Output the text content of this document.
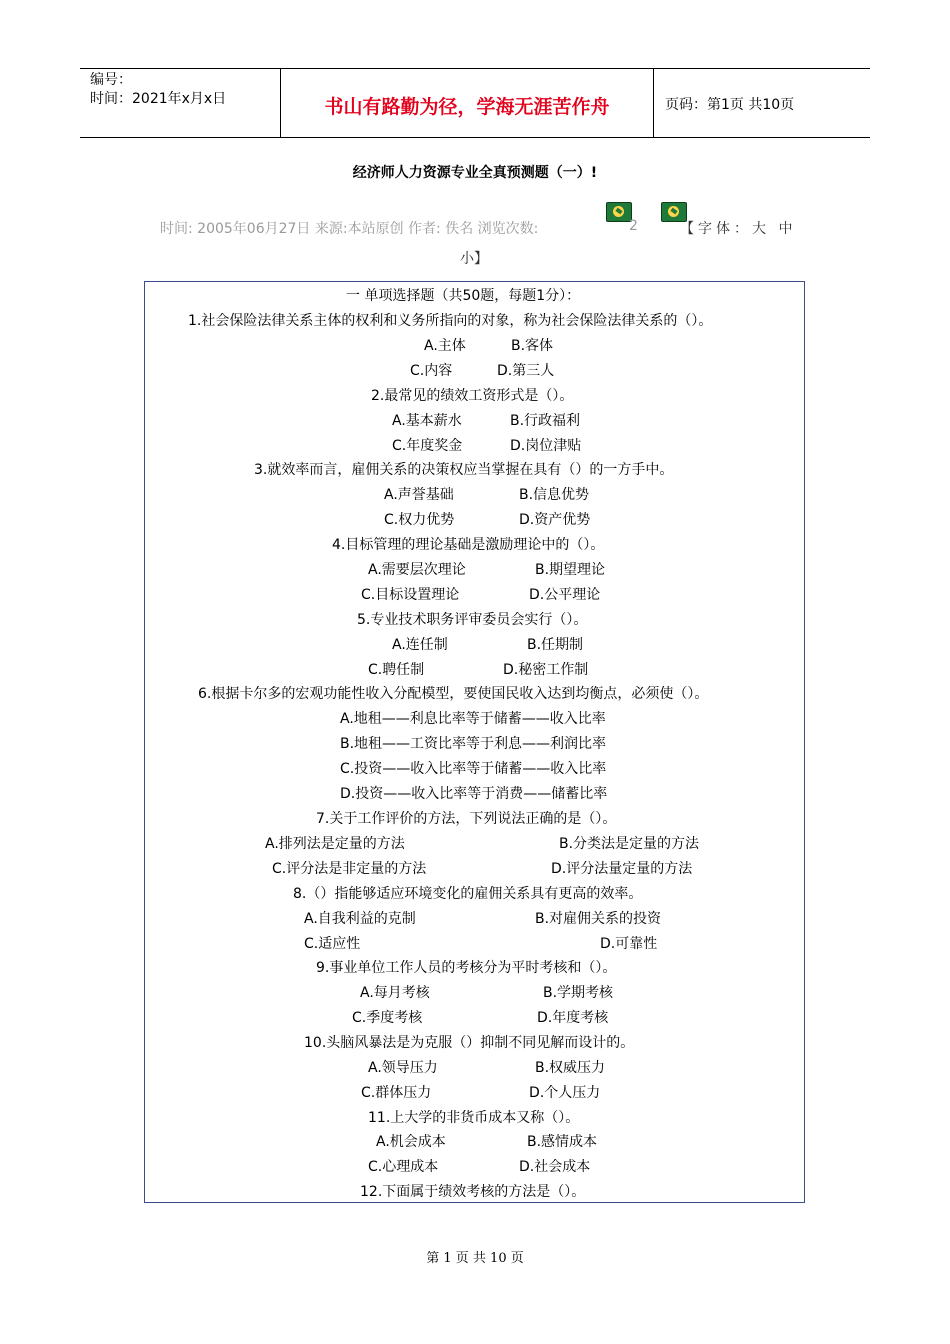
编号：
时间：2021年x月x日	书山有路勤为径，学海无涯苦作舟	页码：第1页 共10页
经济师人力资源专业全真预测题（一）!
时间: 2005年06月27日 来源:本站原创 作者: 佚名 浏览次数:	2	【字体：大 中
小】
一 单项选择题（共50题，每题1分）：
1.社会保险法律关系主体的权利和义务所指向的对象，称为社会保险法律关系的（）。
A.主体	B.客体
C.内容	D.第三人
2.最常见的绩效工资形式是（）。
A.基本薪水	B.行政福利
C.年度奖金	D.岗位津贴
3.就效率而言，雇佣关系的决策权应当掌握在具有（）的一方手中。
A.声誉基础	B.信息优势
C.权力优势	D.资产优势
4.目标管理的理论基础是激励理论中的（）。
A.需要层次理论	B.期望理论
C.目标设置理论	D.公平理论
5.专业技术职务评审委员会实行（）。
A.连任制	B.任期制
C.聘任制	D.秘密工作制
6.根据卡尔多的宏观功能性收入分配模型，要使国民收入达到均衡点，必须使（）。
A.地租——利息比率等于储蓄——收入比率
B.地租——工资比率等于利息——利润比率
C.投资——收入比率等于储蓄——收入比率
D.投资——收入比率等于消费——储蓄比率
7.关于工作评价的方法，下列说法正确的是（）。
A.排列法是定量的方法	B.分类法是定量的方法
C.评分法是非定量的方法	D.评分法量定量的方法
8.（）指能够适应环境变化的雇佣关系具有更高的效率。
A.自我利益的克制	B.对雇佣关系的投资
C.适应性	D.可靠性
9.事业单位工作人员的考核分为平时考核和（）。
A.每月考核	B.学期考核
C.季度考核	D.年度考核
10.头脑风暴法是为克服（）抑制不同见解而设计的。
A.领导压力	B.权威压力
C.群体压力	D.个人压力
11.上大学的非货币成本又称（）。
A.机会成本	B.感情成本
C.心理成本	D.社会成本
12.下面属于绩效考核的方法是（）。
第 1 页 共 10 页
